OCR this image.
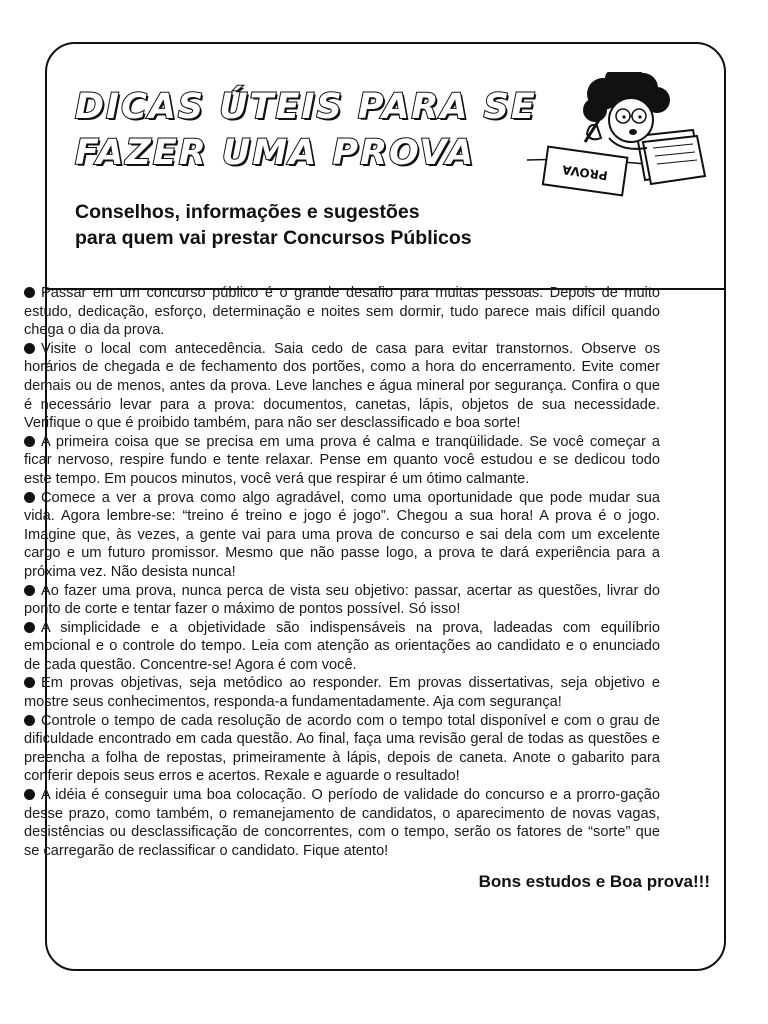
DICAS ÚTEIS PARA SE
FAZER UMA PROVA	PROVA

Conselhos, informações e sugestões
para quem vai prestar Concursos Públicos

Passar em um concurso público é o grande desafio para muitas pessoas. Depois de muito estudo, dedicação, esforço, determinação e noites sem dormir, tudo parece mais difícil quando chega o dia da prova.

Visite o local com antecedência. Saia cedo de casa para evitar transtornos. Observe os horários de chegada e de fechamento dos portões, como a hora do encerramento. Evite comer demais ou de menos, antes da prova. Leve lanches e água mineral por segurança. Confira o que é necessário levar para a prova: documentos, canetas, lápis, objetos de sua necessidade. Verifique o que é proibido também, para não ser desclassificado e boa sorte!

A primeira coisa que se precisa em uma prova é calma e tranqüilidade. Se você começar a ficar nervoso, respire fundo e tente relaxar. Pense em quanto você estudou e se dedicou todo este tempo. Em poucos minutos, você verá que respirar é um ótimo calmante.

Comece a ver a prova como algo agradável, como uma oportunidade que pode mudar sua vida. Agora lembre-se: “treino é treino e jogo é jogo”. Chegou a sua hora! A prova é o jogo. Imagine que, às vezes, a gente vai para uma prova de concurso e sai dela com um excelente cargo e um futuro promissor. Mesmo que não passe logo, a prova te dará experiência para a próxima vez. Não desista nunca!

Ao fazer uma prova, nunca perca de vista seu objetivo: passar, acertar as questões, livrar do ponto de corte e tentar fazer o máximo de pontos possível. Só isso!

A simplicidade e a objetividade são indispensáveis na prova, ladeadas com equilíbrio emocional e o controle do tempo. Leia com atenção as orientações ao candidato e o enunciado de cada questão. Concentre-se! Agora é com você.

Em provas objetivas, seja metódico ao responder. Em provas dissertativas, seja objetivo e mostre seus conhecimentos, responda-a fundamentadamente. Aja com segurança!

Controle o tempo de cada resolução de acordo com o tempo total disponível e com o grau de dificuldade encontrado em cada questão. Ao final, faça uma revisão geral de todas as questões e preencha a folha de repostas, primeiramente à lápis, depois de caneta. Anote o gabarito para conferir depois seus erros e acertos. Rexale e aguarde o resultado!

A idéia é conseguir uma boa colocação. O período de validade do concurso e a prorro-gação desse prazo, como também, o remanejamento de candidatos, o aparecimento de novas vagas, desistências ou desclassificação de concorrentes, com o tempo, serão os fatores de “sorte” que se carregarão de reclassificar o candidato. Fique atento!

Bons estudos e Boa prova!!!
